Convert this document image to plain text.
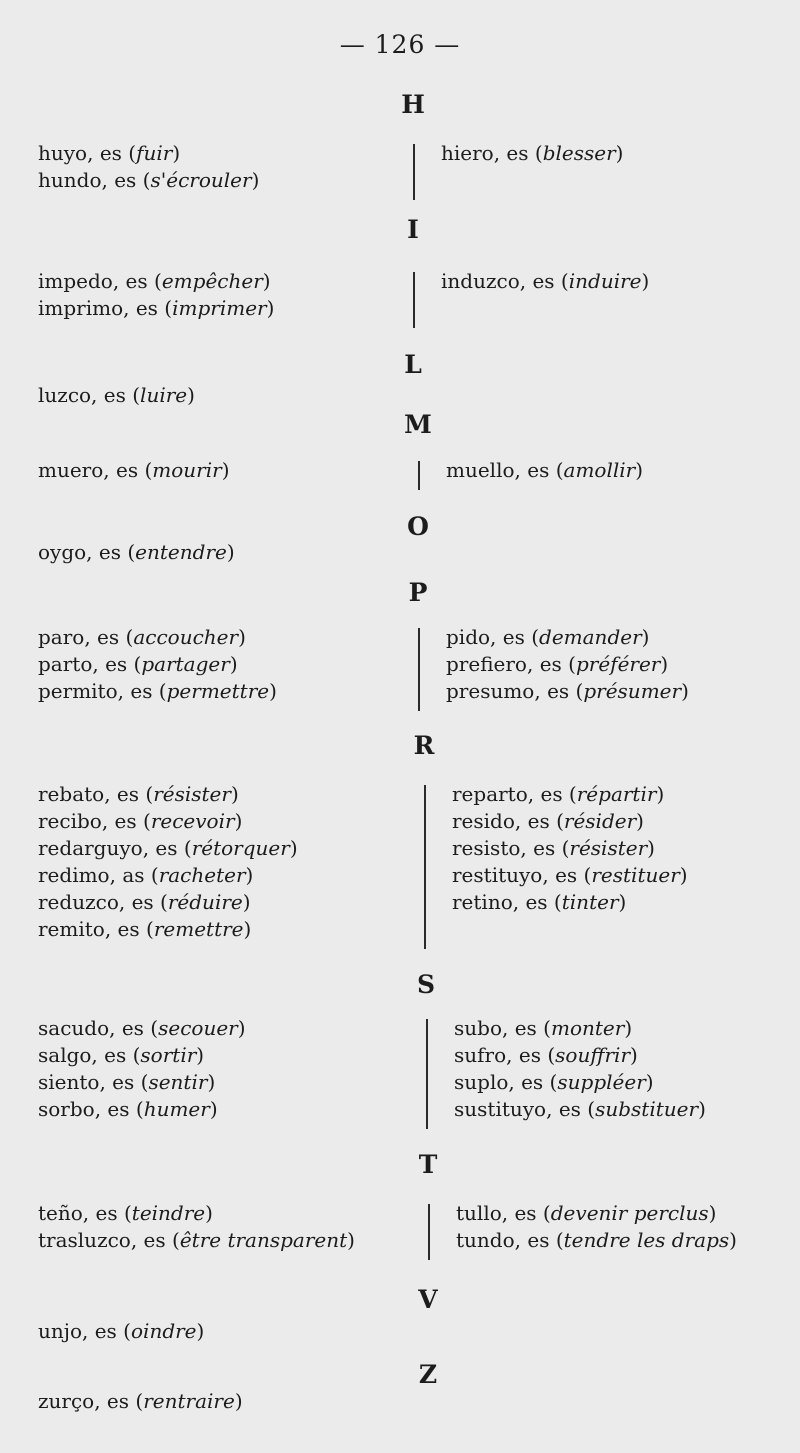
— 126 —
H
huyo, es (fuir)
hundo, es (s'écrouler)
hiero, es (blesser)
I
impedo, es (empêcher)
imprimo, es (imprimer)
induzco, es (induire)
L
luzco, es (luire)
M
muero, es (mourir)	muello, es (amollir)
O
oygo, es (entendre)
P
paro, es (accoucher)
parto, es (partager)
permito, es (permettre)
pido, es (demander)
prefiero, es (préférer)
presumo, es (présumer)
R
rebato, es (résister)
recibo, es (recevoir)
redarguyo, es (rétorquer)
redimo, as (racheter)
reduzco, es (réduire)
remito, es (remettre)
reparto, es (répartir)
resido, es (résider)
resisto, es (résister)
restituyo, es (restituer)
retino, es (tinter)
S
sacudo, es (secouer)
salgo, es (sortir)
siento, es (sentir)
sorbo, es (humer)
subo, es (monter)
sufro, es (souffrir)
suplo, es (suppléer)
sustituyo, es (substituer)
T
teño, es (teindre)
trasluzco, es (être transparent)
tullo, es (devenir perclus)
tundo, es (tendre les draps)
V
unjo, es (oindre)
Z
zurço, es (rentraire)
